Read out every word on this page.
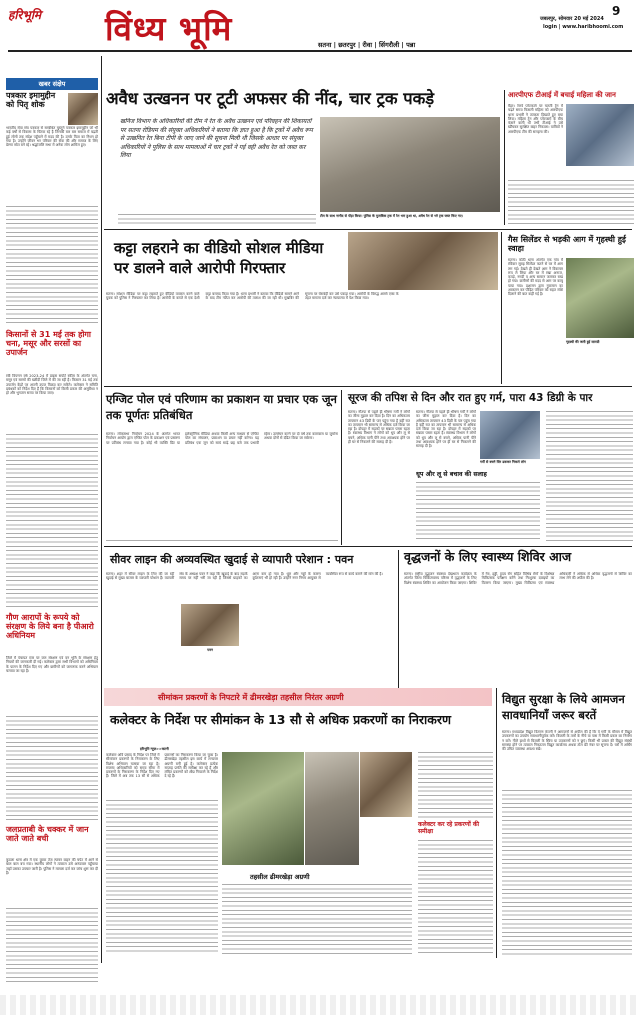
हरिभूमि विंध्य भूमि	सतना | छतरपुर | रीवा | सिंगरौली | पन्ना
जबलपुर, सोमवार 20 मई 2024
login | www.haribhoomi.com
9
खबर संक्षेप
पत्रकार इमामुद्दीन को पितृ शोक
भारतीय सेवा संघ पत्रकार से सम्बंधित चुस्तुर्ग पत्रकार इमामुद्दीन जो भी कई वर्षों से विकास के चिंतक रहे है जिनकी बार बार समाज में बढ़ती हुई लोगों तक संदेश पहुँचाने में मदद की है। उनके पिता का निधन हो गया है। उन्होंने जीवन भर परिवार की सेवा की और समाज के लिए प्रेरणा स्रोत बने रहे। श्रद्धांजलि सभा में अनेक लोग शामिल हुए।
किसानों से 31 मई तक होगा चना, मसूर और सरसों का उपार्जन
रबी विपणन वर्ष 2023-24 में प्राइस सपोर्ट स्कीम के अंतर्गत चना, मसूर एवं सरसों की खरीदी जिले में की जा रही है। किसान 31 मई तक उपार्जन केंद्रों पर अपनी उपज विक्रय कर सकेंगे। कलेक्टर ने समिति प्रबंधकों को निर्देश दिए हैं कि किसानों को किसी प्रकार की असुविधा न हो और भुगतान समय पर किया जाए।
गौण आरापों के रूपये को संरक्षण के लिये बना है पीआरो अधिनियम
जिले में पंचायत स्तर पर जल संरक्षण एवं वन भूमि के संरक्षण हेतु नियमों की जानकारी दी गई। कलेक्टर द्वारा सभी विभागों को अधिनियम के पालन के निर्देश दिए गए और ग्रामीणों को जागरूक करने अभियान चलाया जा रहा है।
जलप्रताबी के चक्कर में जान जाते जाते बची
कुठला थाना क्षेत्र में एक युवक तेज रफ्तार वाहन की चपेट में आने से बाल बाल बच गया। स्थानीय लोगों ने तत्काल उसे अस्पताल पहुँचाया जहाँ उसका उपचार जारी है। पुलिस ने मामला दर्ज कर जांच शुरू कर दी है।
अवैध उत्खनन पर टूटी अफसर की नींद, चार ट्रक पकड़े
खनिज विभाग के अधिकारियों की टीम ने रेत के अवैध उत्खनन एवं परिवहन की शिकायतों पर सतना रोडियम की संयुक्त अधिकारियों ने बताया कि ज्ञात हुआ है कि ट्रकों में अवैध रूप से उत्खनित रेत बिना टीपी के जाए जाने की सूचना मिली थी जिसके आधार पर संयुक्त अधिकारियों ने पुलिस के साथ मामलाओं में चार ट्रकों ने गई वही अवैध रेत को जब्त कर लिया
टीम के साथ नागौद से पौड़ा किया। पुलिस के मुताबिक ट्रक में रेत भरा हुआ था, अवैध रेत से भरे ट्रक जब्त किए गए।
आरपीएफ टीआई में बचाई महिला की जान
मैहर। रेलवे प्लेटफार्म पर चलती ट्रेन में चढ़ते समय फिसली महिला को आरपीएफ थाना प्रभारी ने तत्परता दिखाते हुए बचा लिया। महिला ट्रेन और प्लेटफार्म के बीच फंसने वाली थी तभी टीआई ने उसे खींचकर सुरक्षित बाहर निकाला। यात्रियों ने आरपीएफ टीम की सराहना की।
कट्टा लहराने का वीडियो सोशल मीडिया पर डालने वाले आरोपी गिरफ्तार
सतना। सोशल मीडिया पर कट्टा लहराते हुए वीडियो वायरल करने वाले युवक को पुलिस ने गिरफ्तार कर लिया है। आरोपी के कब्जे से एक देशी कट्टा बरामद किया गया है। थाना प्रभारी ने बताया कि वीडियो सामने आने के बाद टीम गठित कर आरोपी की तलाश की जा रही थी। मुखबिर की सूचना पर घेराबंदी कर उसे पकड़ा गया। आरोपी के विरुद्ध आर्म्स एक्ट के तहत मामला दर्ज कर न्यायालय में पेश किया गया।
गैस सिलेंडर से भड़की आग में गृहस्थी हुई स्वाहा
सतना। कोठी थाना अंतर्गत एक गांव में रविवार सुबह सिलेंडर फटने से घर में आग लग गई। देखते ही देखते आग ने विकराल रूप ले लिया और घर में रखा अनाज, कपड़े, नगदी व अन्य सामान जलकर राख हो गया। ग्रामीणों की मदद से आग पर काबू पाया गया। प्रशासन द्वारा नुकसान का आकलन कर पीड़ित परिवार को राहत राशि दिलाने की बात कही गई है।
गृहस्थी की जली हुई सामग्री
एग्जिट पोल एवं परिणाम का प्रकाशन या प्रचार एक जून तक पूर्णतः प्रतिबंधित
सतना। लोकसभा निर्वाचन 2024 के अंतर्गत भारत निर्वाचन आयोग द्वारा एग्जिट पोल के प्रकाशन एवं प्रसारण पर प्रतिबंध लगाया गया है। कोई भी व्यक्ति प्रिंट या इलेक्ट्रॉनिक मीडिया अथवा किसी अन्य माध्यम से एग्जिट पोल का संचालन, प्रकाशन या प्रचार नहीं करेगा। यह प्रतिबंध एक जून को सायं साढ़े छह बजे तक प्रभावी रहेगा। उल्लंघन करने पर दो वर्ष तक कारावास या जुर्माना अथवा दोनों से दंडित किया जा सकेगा।
सूरज की तपिश से दिन और रात हुए गर्म, पारा 43 डिग्री के पार
सतना। नौतपा से पहले ही भीषण गर्मी ने लोगों का जीना मुहाल कर दिया है। दिन का अधिकतम तापमान 43 डिग्री के पार पहुंच गया है वहीं रात का तापमान भी सामान्य से अधिक दर्ज किया जा रहा है। दोपहर में सड़कों पर सन्नाटा पसरा रहता है। स्वास्थ्य विभाग ने लोगों को धूप और लू से बचने, अधिक पानी पीने तथा आवश्यक होने पर ही घर से निकलने की सलाह दी है।
सतना। नौतपा से पहले ही भीषण गर्मी ने लोगों का जीना मुहाल कर दिया है। दिन का अधिकतम तापमान 43 डिग्री के पार पहुंच गया है वहीं रात का तापमान भी सामान्य से अधिक दर्ज किया जा रहा है। दोपहर में सड़कों पर सन्नाटा पसरा रहता है। स्वास्थ्य विभाग ने लोगों को धूप और लू से बचने, अधिक पानी पीने तथा आवश्यक होने पर ही घर से निकलने की सलाह दी है।
गर्मी से बचने सिर ढककर निकले लोग
धूप और लू से बचाव की सलाह
सीवर लाइन की अव्यवस्थित खुदाई से व्यापारी परेशान : पवन
सतना। शहर में सीवर लाइन के लिए की जा रही खुदाई से मुख्य बाजार के व्यापारी परेशान हैं। व्यापारी संघ के अध्यक्ष पवन ने कहा कि खुदाई के बाद सड़कें समय पर नहीं भरी जा रही हैं जिससे ग्राहकों का आना कम हो गया है। धूल और गड्ढों के कारण दुर्घटनाएं भी हो रही हैं। उन्होंने नगर निगम आयुक्त से व्यवस्थित रूप से कार्य कराने की मांग की है।
पवन
वृद्धजनों के लिए स्वास्थ्य शिविर आज
सतना। राष्ट्रीय वृद्धजन स्वास्थ्य देखभाल कार्यक्रम के अंतर्गत जिला चिकित्सालय परिसर में वृद्धजनों के लिए विशेष स्वास्थ्य शिविर का आयोजन किया जाएगा। शिविर में नेत्र, हड्डी, हृदय रोग सहित विभिन्न रोगों के विशेषज्ञ चिकित्सक परीक्षण करेंगे तथा निःशुल्क दवाइयों का वितरण किया जाएगा। मुख्य चिकित्सा एवं स्वास्थ्य अधिकारी ने अधिक से अधिक वृद्धजनों से शिविर का लाभ लेने की अपील की है।
सीमांकन प्रकरणों के निपटारे में ढीमरखेड़ा तहसील निरंतर अग्रणी
कलेक्टर के निर्देश पर सीमांकन के 13 सौ से अधिक प्रकरणों का निराकरण
हरिभूमि न्यूज़>>कटनी
कलेक्टर अवि प्रसाद के निर्देश पर जिले में सीमांकन प्रकरणों के निराकरण के लिए विशेष अभियान चलाया जा रहा है। राजस्व अधिकारियों को समय सीमा में प्रकरणों के निराकरण के निर्देश दिए गए हैं। जिले में अब तक 13 सौ से अधिक प्रकरणों का निराकरण किया जा चुका है। ढीमरखेड़ा तहसील इस कार्य में लगातार अग्रणी बनी हुई है। कलेक्टर प्रत्येक सप्ताह प्रगति की समीक्षा कर रहे हैं और लंबित प्रकरणों को शीघ्र निपटाने के निर्देश दे रहे हैं।
कलेक्टर कर रहे प्रकरणों की समीक्षा
तहसील ढीमरखेड़ा अग्रणी
विद्युत सुरक्षा के लिये आमजन सावधानियाँ जरूर बरतें
सतना। मध्यप्रदेश विद्युत वितरण कंपनी ने आमजनों से अपील की है कि वे गर्मी के मौसम में विद्युत उपकरणों का उपयोग सावधानीपूर्वक करें। बिजली के तारों के नीचे या पास में किसी प्रकार का निर्माण न करें। गीले हाथों से बिजली के स्विच या उपकरणों को न छुएं। किसी भी प्रकार की विद्युत संबंधी समस्या होने पर तत्काल निकटतम विद्युत कार्यालय अथवा टोल फ्री नंबर पर सूचना दें। घरों में अर्थिंग की उचित व्यवस्था अवश्य रखें।
